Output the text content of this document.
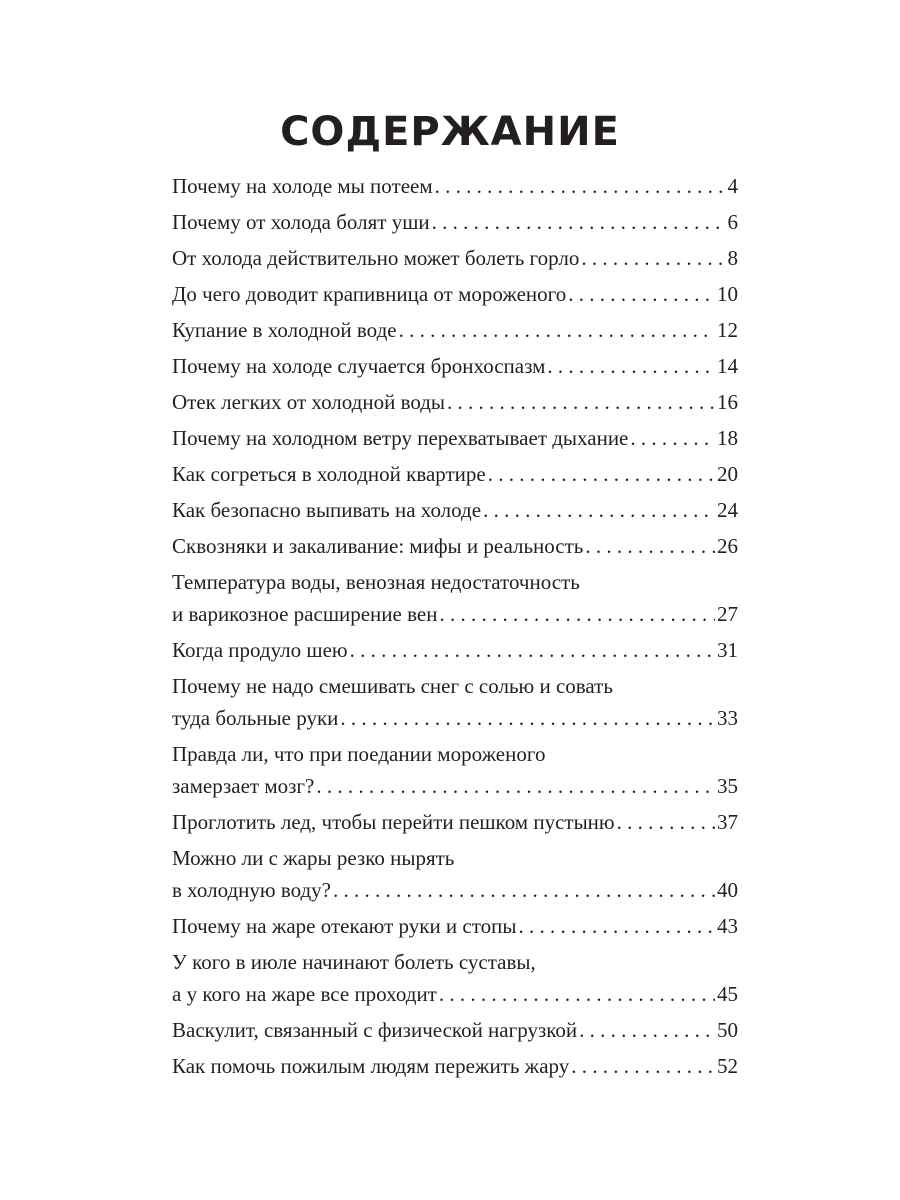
СОДЕРЖАНИЕ
Почему на холоде мы потеем . . .	4
Почему от холода болят уши . . .	6
От холода действительно может болеть горло . . .	8
До чего доводит крапивница от мороженого . . .	10
Купание в холодной воде . . .	12
Почему на холоде случается бронхоспазм . . .	14
Отек легких от холодной воды . . .	16
Почему на холодном ветру перехватывает дыхание . . .	18
Как согреться в холодной квартире . . .	20
Как безопасно выпивать на холоде . . .	24
Сквозняки и закаливание: мифы и реальность . . .	26
Температура воды, венозная недостаточность
и варикозное расширение вен . . .	27
Когда продуло шею . . .	31
Почему не надо смешивать снег с солью и совать
туда больные руки . . .	33
Правда ли, что при поедании мороженого
замерзает мозг? . . .	35
Проглотить лед, чтобы перейти пешком пустыню . . .	37
Можно ли с жары резко нырять
в холодную воду? . . .	40
Почему на жаре отекают руки и стопы . . .	43
У кого в июле начинают болеть суставы,
а у кого на жаре все проходит . . .	45
Васкулит, связанный с физической нагрузкой . . .	50
Как помочь пожилым людям пережить жару . . .	52
